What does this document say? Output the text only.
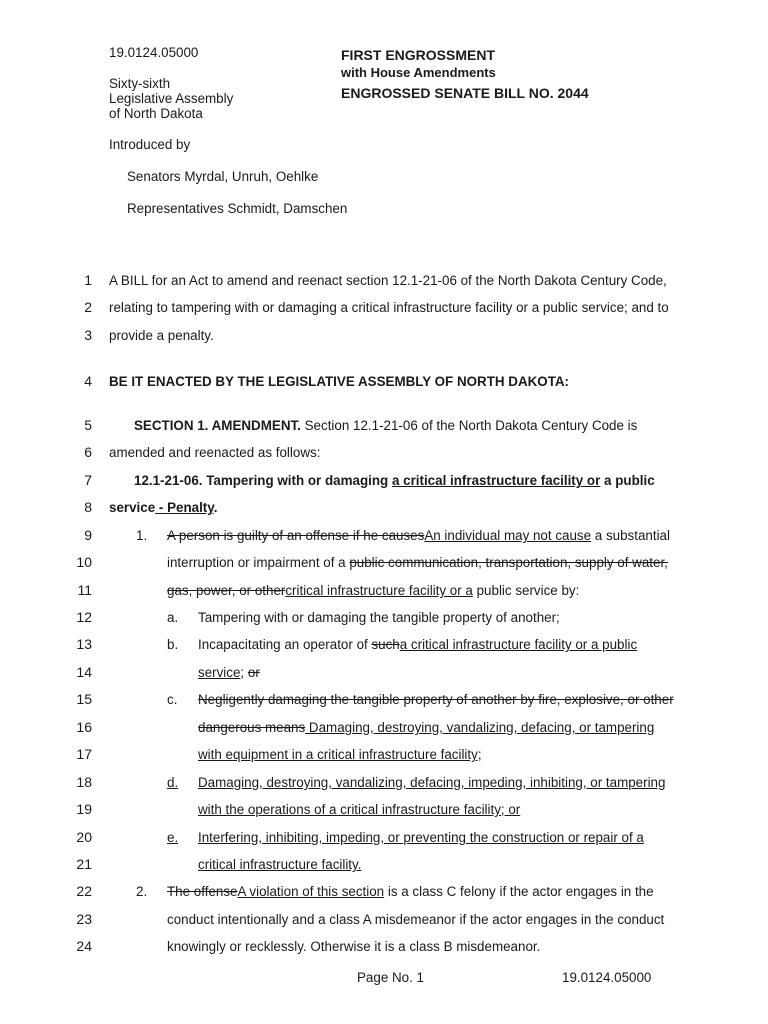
19.0124.05000
Sixty-sixth
Legislative Assembly
of North Dakota
FIRST ENGROSSMENT
with House Amendments
ENGROSSED SENATE BILL NO. 2044
Introduced by
Senators Myrdal, Unruh, Oehlke
Representatives Schmidt, Damschen
1
2
3
4
5
6
7
8
9
10
11
12
13
14
15
16
17
18
19
20
21
22
23
24
A BILL for an Act to amend and reenact section 12.1-21-06 of the North Dakota Century Code,
relating to tampering with or damaging a critical infrastructure facility or a public service; and to
provide a penalty.
BE IT ENACTED BY THE LEGISLATIVE ASSEMBLY OF NORTH DAKOTA:
SECTION 1. AMENDMENT. Section 12.1-21-06 of the North Dakota Century Code is
amended and reenacted as follows:
12.1-21-06. Tampering with or damaging a critical infrastructure facility or a public
service - Penalty.
1. A person is guilty of an offense if he causesAn individual may not cause a substantial
interruption or impairment of a public communication, transportation, supply of water,
gas, power, or othercritical infrastructure facility or a public service by:
a. Tampering with or damaging the tangible property of another;
b. Incapacitating an operator of sucha critical infrastructure facility or a public
service; or
c. Negligently damaging the tangible property of another by fire, explosive, or other
dangerous means Damaging, destroying, vandalizing, defacing, or tampering
with equipment in a critical infrastructure facility;
d. Damaging, destroying, vandalizing, defacing, impeding, inhibiting, or tampering
with the operations of a critical infrastructure facility; or
e. Interfering, inhibiting, impeding, or preventing the construction or repair of a
critical infrastructure facility.
2. The offenseA violation of this section is a class C felony if the actor engages in the
conduct intentionally and a class A misdemeanor if the actor engages in the conduct
knowingly or recklessly. Otherwise it is a class B misdemeanor.
Page No. 1	19.0124.05000
